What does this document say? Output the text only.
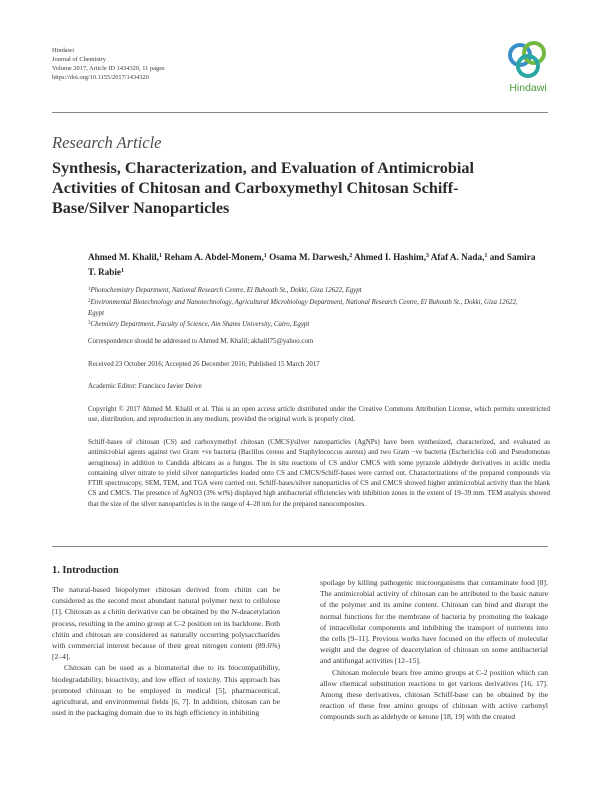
Hindawi
Journal of Chemistry
Volume 2017, Article ID 1434320, 11 pages
https://doi.org/10.1155/2017/1434320
Hindawi
Research Article
Synthesis, Characterization, and Evaluation of Antimicrobial Activities of Chitosan and Carboxymethyl Chitosan Schiff-Base/Silver Nanoparticles
Ahmed M. Khalil,$^1$ Reham A. Abdel-Monem,$^1$ Osama M. Darwesh,$^2$ Ahmed I. Hashim,$^3$ Afaf A. Nada,$^1$ and Samira T. Rabie$^1$
$^1$Photochemistry Department, National Research Centre, El Buhouth St., Dokki, Giza 12622, Egypt
$^2$Environmental Biotechnology and Nanotechnology, Agricultural Microbiology Department, National Research Centre, El Buhouth St., Dokki, Giza 12622, Egypt
$^3$Chemistry Department, Faculty of Science, Ain Shams University, Cairo, Egypt
Correspondence should be addressed to Ahmed M. Khalil; akhalil75@yahoo.com
Received 23 October 2016; Accepted 26 December 2016; Published 15 March 2017
Academic Editor: Francisco Javier Deive
Copyright © 2017 Ahmed M. Khalil et al. This is an open access article distributed under the Creative Commons Attribution License, which permits unrestricted use, distribution, and reproduction in any medium, provided the original work is properly cited.
Schiff-bases of chitosan (CS) and carboxymethyl chitosan (CMCS)/silver nanoparticles (AgNPs) have been synthesized, characterized, and evaluated as antimicrobial agents against two Gram +ve bacteria (Bacillus cereus and Staphylococcus aureus) and two Gram −ve bacteria (Escherichia coli and Pseudomonas aeruginosa) in addition to Candida albicans as a fungus. The in situ reactions of CS and/or CMCS with some pyrazole aldehyde derivatives in acidic media containing silver nitrate to yield silver nanoparticles loaded onto CS and CMCS/Schiff-bases were carried out. Characterizations of the prepared compounds via FTIR spectroscopy, SEM, TEM, and TGA were carried out. Schiff-bases/silver nanoparticles of CS and CMCS showed higher antimicrobial activity than the blank CS and CMCS. The presence of AgNO3 (3% wt%) displayed high antibacterial efficiencies with inhibition zones in the extent of 19–39 mm. TEM analysis showed that the size of the silver nanoparticles is in the range of 4–28 nm for the prepared nanocomposites.
1. Introduction

The natural-based biopolymer chitosan derived from chitin can be considered as the second most abundant natural polymer next to cellulose [1]. Chitosan as a chitin derivative can be obtained by the N-deacetylation process, resulting in the amino group at C-2 position on its backbone. Both chitin and chitosan are considered as naturally occurring polysaccharides with commercial interest because of their great nitrogen content (89.6%) [2–4].

Chitosan can be used as a biomaterial due to its biocompatibility, biodegradability, bioactivity, and low effect of toxicity. This approach has promoted chitosan to be employed in medical [5], pharmaceutical, agricultural, and environmental fields [6, 7]. In addition, chitosan can be used in the packaging domain due to its high efficiency in inhibiting

spoilage by killing pathogenic microorganisms that contaminate food [8]. The antimicrobial activity of chitosan can be attributed to the basic nature of the polymer and its amine content. Chitosan can bind and disrupt the normal functions for the membrane of bacteria by promoting the leakage of intracellular components and inhibiting the transport of nutrients into the cells [9–11]. Previous works have focused on the effects of molecular weight and the degree of deacetylation of chitosan on some antibacterial and antifungal activities [12–15].

Chitosan molecule bears free amino groups at C-2 position which can allow chemical substitution reactions to get various derivatives [16, 17]. Among these derivatives, chitosan Schiff-base can be obtained by the reaction of these free amino groups of chitosan with active carbonyl compounds such as aldehyde or ketone [18, 19] with the created
